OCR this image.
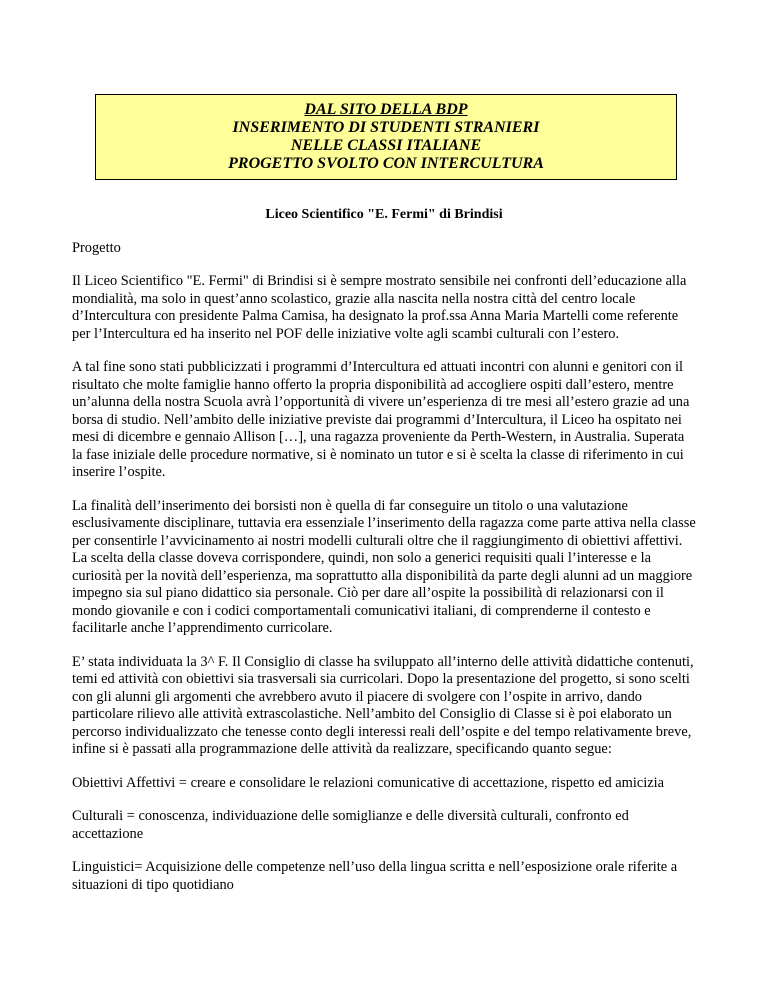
DAL SITO DELLA BDP
INSERIMENTO DI STUDENTI STRANIERI
NELLE CLASSI ITALIANE
PROGETTO SVOLTO CON INTERCULTURA
Liceo Scientifico "E. Fermi" di Brindisi

Progetto

Il Liceo Scientifico "E. Fermi" di Brindisi si è sempre mostrato sensibile nei confronti dell’educazione alla mondialità, ma solo in quest’anno scolastico, grazie alla nascita nella nostra città del centro locale d’Intercultura con presidente Palma Camisa, ha designato la prof.ssa Anna Maria Martelli come referente per l’Intercultura ed ha inserito nel POF delle iniziative volte agli scambi culturali con l’estero.

A tal fine sono stati pubblicizzati i programmi d’Intercultura ed attuati incontri con alunni e genitori con il risultato che molte famiglie hanno offerto la propria disponibilità ad accogliere ospiti dall’estero, mentre un’alunna della nostra Scuola avrà l’opportunità di vivere un’esperienza di tre mesi all’estero grazie ad una borsa di studio. Nell’ambito delle iniziative previste dai programmi d’Intercultura, il Liceo ha ospitato nei mesi di dicembre e gennaio Allison […], una ragazza proveniente da Perth-Western, in Australia. Superata la fase iniziale delle procedure normative, si è nominato un tutor e si è scelta la classe di riferimento in cui inserire l’ospite.

La finalità dell’inserimento dei borsisti non è quella di far conseguire un titolo o una valutazione esclusivamente disciplinare, tuttavia era essenziale l’inserimento della ragazza come parte attiva nella classe per consentirle l’avvicinamento ai nostri modelli culturali oltre che il raggiungimento di obiettivi affettivi. La scelta della classe doveva corrispondere, quindi, non solo a generici requisiti quali l’interesse e la curiosità per la novità dell’esperienza, ma soprattutto alla disponibilità da parte degli alunni ad un maggiore impegno sia sul piano didattico sia personale. Ciò per dare all’ospite la possibilità di relazionarsi con il mondo giovanile e con i codici comportamentali comunicativi italiani, di comprenderne il contesto e facilitarle anche l’apprendimento curricolare.

E’ stata individuata la 3^ F. Il Consiglio di classe ha sviluppato all’interno delle attività didattiche contenuti, temi ed attività con obiettivi sia trasversali sia curricolari. Dopo la presentazione del progetto, si sono scelti con gli alunni gli argomenti che avrebbero avuto il piacere di svolgere con l’ospite in arrivo, dando particolare rilievo alle attività extrascolastiche. Nell’ambito del Consiglio di Classe si è poi elaborato un percorso individualizzato che tenesse conto degli interessi reali dell’ospite e del tempo relativamente breve, infine si è passati alla programmazione delle attività da realizzare, specificando quanto segue:

Obiettivi Affettivi = creare e consolidare le relazioni comunicative di accettazione, rispetto ed amicizia

Culturali = conoscenza, individuazione delle somiglianze e delle diversità culturali, confronto ed accettazione

Linguistici= Acquisizione delle competenze nell’uso della lingua scritta e nell’esposizione orale riferite a situazioni di tipo quotidiano
